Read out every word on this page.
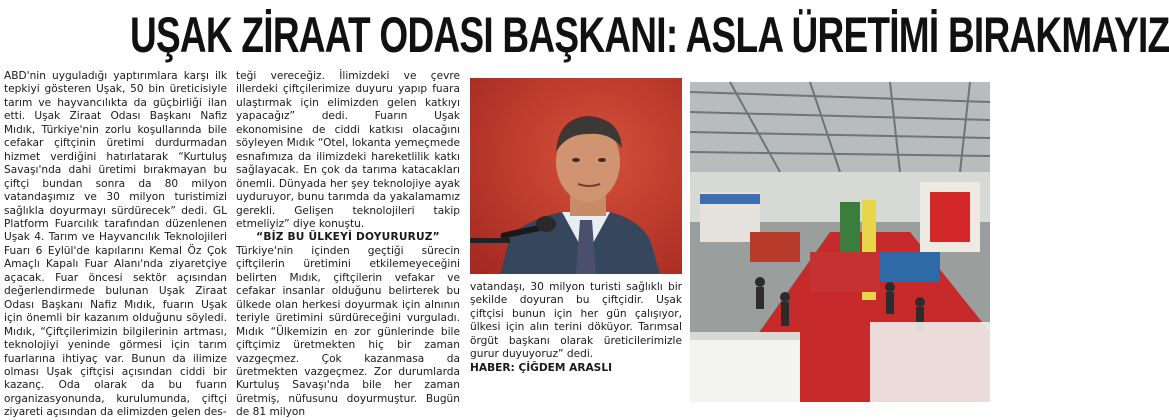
UŞAK ZİRAAT ODASI BAŞKANI: ASLA ÜRETİMİ BIRAKMAYIZ

ABD'nin uyguladığı yaptırımlara karşı ilk tepkiyi gösteren Uşak, 50 bin üreticisiyle tarım ve hayvancılıkta da güçbirliği ilan etti. Uşak Ziraat Odası Başkanı Nafiz Mıdık, Türkiye'nin zorlu koşullarında bile cefakar çiftçinin üretimi durdurmadan hizmet verdiğini hatırlatarak “Kurtuluş Savaşı'nda dahi üretimi bırakmayan bu çiftçi bundan sonra da 80 milyon vatandaşımız ve 30 milyon turistimizi sağlıkla doyurmayı sürdürecek” dedi. GL Platform Fuarcılık tarafından düzenlenen Uşak 4. Tarım ve Hayvancılık Teknolojileri Fuarı 6 Eylül'de kapılarını Kemal Öz Çok Amaçlı Kapalı Fuar Alanı'nda ziyaretçiye açacak. Fuar öncesi sektör açısından değerlendirmede bulunan Uşak Ziraat Odası Başkanı Nafiz Mıdık, fuarın Uşak için önemli bir kazanım olduğunu söyledi. Mıdık, “Çiftçilerimizin bilgilerinin artması, teknolojiyi yeninde görmesi için tarım fuarlarına ihtiyaç var. Bunun da ilimize olması Uşak çiftçisi açısından ciddi bir kazanç. Oda olarak da bu fuarın organizasyonunda, kurulumunda, çiftçi ziyareti açısından da elimizden gelen des-

teği vereceğiz. İlimizdeki ve çevre illerdeki çiftçilerimize duyuru yapıp fuara ulaştırmak için elimizden gelen katkıyı yapacağız” dedi. Fuarın Uşak ekonomisine de ciddi katkısı olacağını söyleyen Mıdık “Otel, lokanta yemeçmede esnafımıza da ilimizdeki hareketlilik katkı sağlayacak. En çok da tarıma katacakları önemli. Dünyada her şey teknolojiye ayak uyduruyor, bunu tarımda da yakalamamız gerekli. Gelişen teknolojileri takip etmeliyiz” diye konuştu.

“BİZ BU ÜLKEYİ DOYURURUZ”

Türkiye'nin içinden geçtiği sürecin çiftçilerin üretimini etkilemeyeceğini belirten Mıdık, çiftçilerin vefakar ve cefakar insanlar olduğunu belirterek bu ülkede olan herkesi doyurmak için alnının teriyle üretimini sürdüreceğini vurguladı. Mıdık “Ülkemizin en zor günlerinde bile çiftçimiz üretmekten hiç bir zaman vazgeçmez. Çok kazanmasa da üretmekten vazgeçmez. Zor durumlarda Kurtuluş Savaşı'nda bile her zaman üretmiş, nüfusunu doyurmuştur. Bugün de 81 milyon

vatandaşı, 30 milyon turisti sağlıklı bir şekilde doyuran bu çiftçidir. Uşak çiftçisi bunun için her gün çalışıyor, ülkesi için alın terini döküyor. Tarımsal örgüt başkanı olarak üreticilerimizle gurur duyuyoruz” dedi.

HABER: ÇİĞDEM ARASLI
